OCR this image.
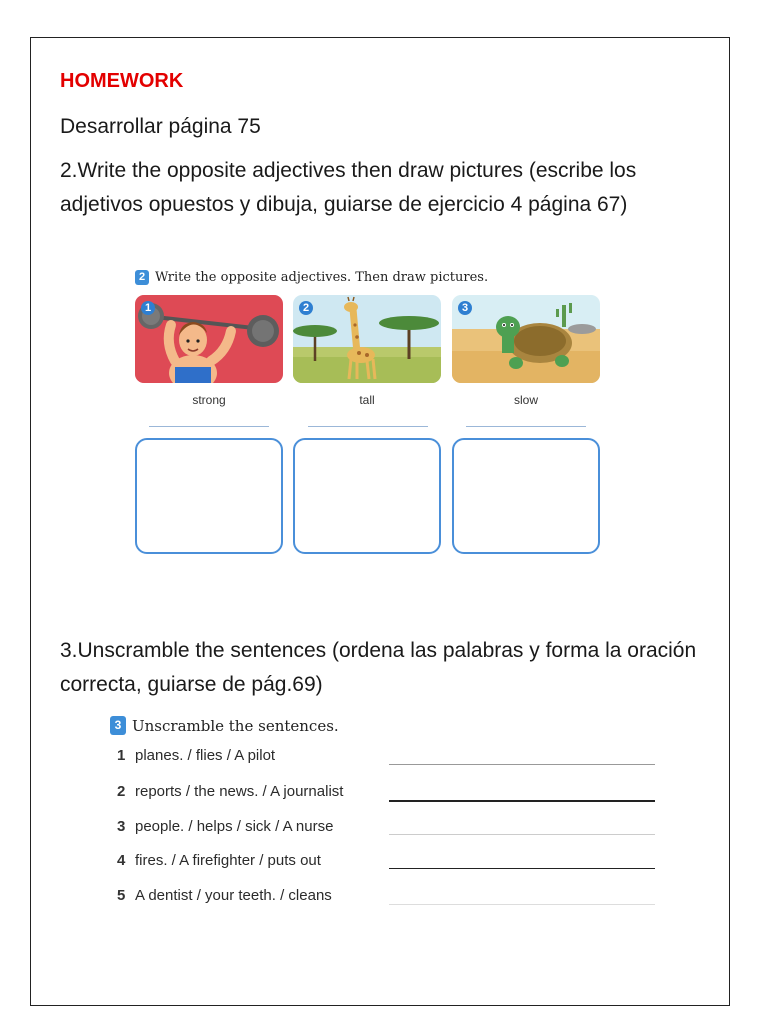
HOMEWORK
Desarrollar página 75
2.Write the opposite adjectives then draw pictures (escribe los adjetivos opuestos y dibuja, guiarse de ejercicio 4 página 67)
2 Write the opposite adjectives. Then draw pictures.
1	2	3
strong	tall	slow
3.Unscramble the sentences (ordena las palabras y forma la oración correcta, guiarse de pág.69)
3 Unscramble the sentences.
1 planes. / flies / A pilot
2 reports / the news. / A journalist
3 people. / helps / sick / A nurse
4 fires. / A firefighter / puts out
5 A dentist / your teeth. / cleans
